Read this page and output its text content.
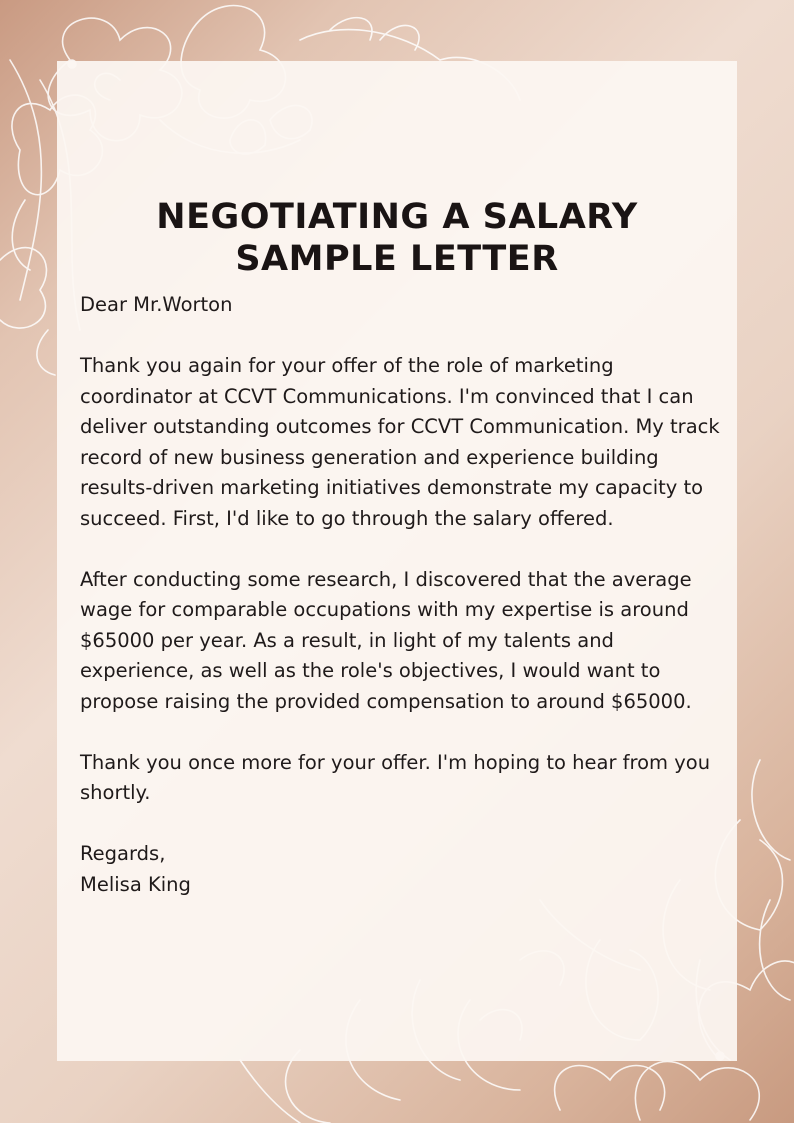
NEGOTIATING A SALARY
SAMPLE LETTER

Dear Mr.Worton

Thank you again for your offer of the role of marketing coordinator at CCVT Communications. I'm convinced that I can deliver outstanding outcomes for CCVT Communication. My track record of new business generation and experience building results-driven marketing initiatives demonstrate my capacity to succeed. First, I'd like to go through the salary offered.

After conducting some research, I discovered that the average wage for comparable occupations with my expertise is around $65000 per year. As a result, in light of my talents and experience, as well as the role's objectives, I would want to propose raising the provided compensation to around $65000.

Thank you once more for your offer. I'm hoping to hear from you shortly.

Regards,
Melisa King
